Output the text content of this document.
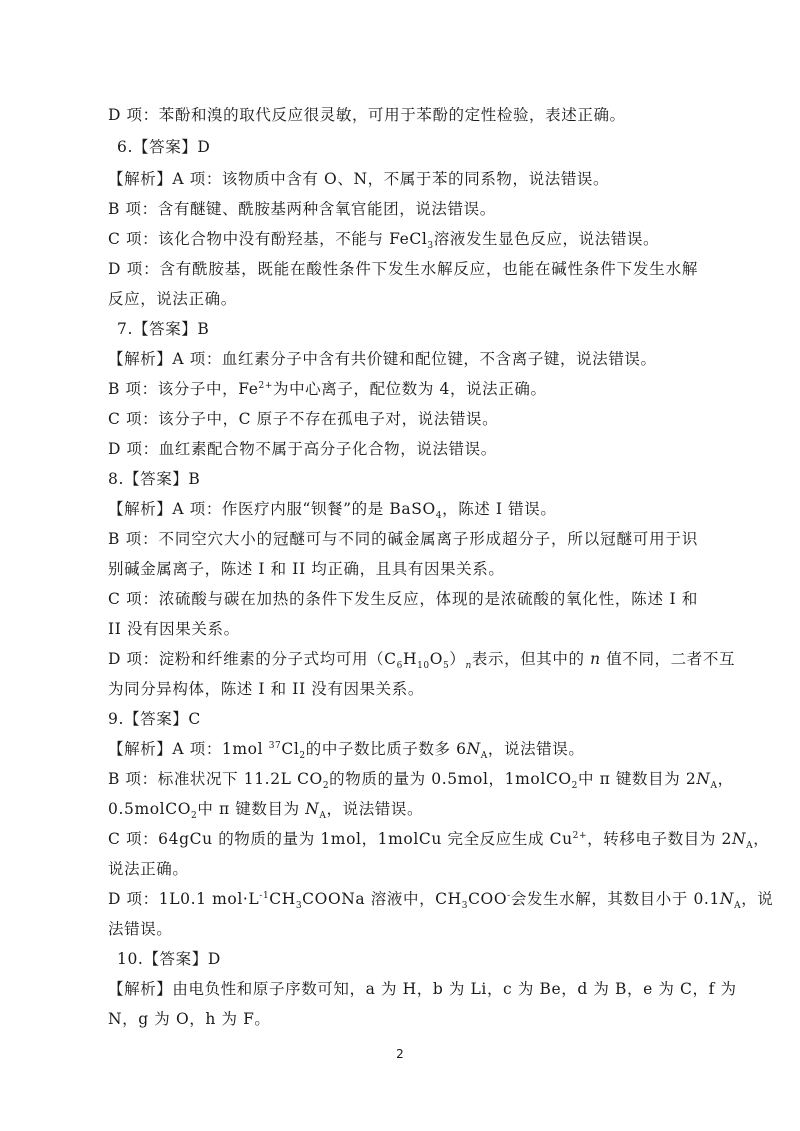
D 项：苯酚和溴的取代反应很灵敏，可用于苯酚的定性检验，表述正确。
6.【答案】D
【解析】A 项：该物质中含有 O、N，不属于苯的同系物，说法错误。
B 项：含有醚键、酰胺基两种含氧官能团，说法错误。
C 项：该化合物中没有酚羟基，不能与 FeCl$_3$溶液发生显色反应，说法错误。
D 项：含有酰胺基，既能在酸性条件下发生水解反应，也能在碱性条件下发生水解
反应，说法正确。
7.【答案】B
【解析】A 项：血红素分子中含有共价键和配位键，不含离子键，说法错误。
B 项：该分子中，$Fe^{2+}$为中心离子，配位数为 4，说法正确。
C 项：该分子中，C 原子不存在孤电子对，说法错误。
D 项：血红素配合物不属于高分子化合物，说法错误。
8.【答案】B
【解析】A 项：作医疗内服“钡餐”的是 BaSO$_4$，陈述 I 错误。
B 项：不同空穴大小的冠醚可与不同的碱金属离子形成超分子，所以冠醚可用于识
别碱金属离子，陈述 I 和 II 均正确，且具有因果关系。
C 项：浓硫酸与碳在加热的条件下发生反应，体现的是浓硫酸的氧化性，陈述 I 和
II 没有因果关系。
D 项：淀粉和纤维素的分子式均可用$(C_6H_{10}O_5)_n$表示，但其中的 n 值不同，二者不互
为同分异构体，陈述 I 和 II 没有因果关系。
9.【答案】C
【解析】A 项：1mol $^{37}Cl_2$的中子数比质子数多 $6N_A$，说法错误。
B 项：标准状况下 11.2L $CO_2$的物质的量为 0.5mol，1molCO$_2$中 π 键数目为 $2N_A$，
0.5molCO$_2$中 π 键数目为 $N_A$，说法错误。
C 项：64gCu 的物质的量为 1mol，1molCu 完全反应生成 $Cu^{2+}$，转移电子数目为 $2N_A$，
说法正确。
D 项：1L0.1 $mol\cdot L^{-1}CH_3COONa$ 溶液中，$CH_3COO^-$会发生水解，其数目小于 $0.1N_A$，说
法错误。
10.【答案】D
【解析】由电负性和原子序数可知，a 为 H，b 为 Li，c 为 Be，d 为 B，e 为 C，f 为
N，g 为 O，h 为 F。
2
